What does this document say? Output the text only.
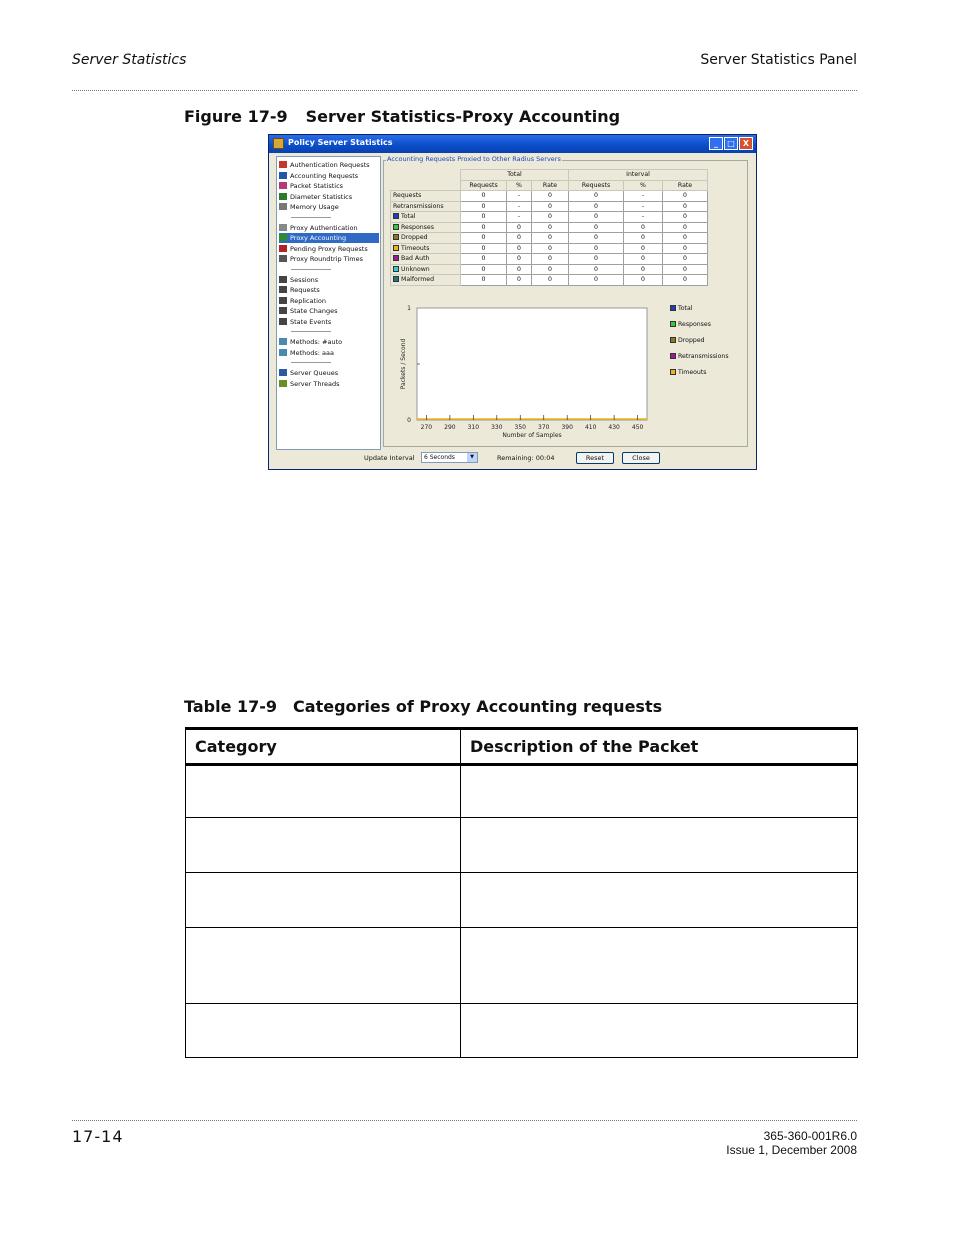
Server Statistics	Server Statistics Panel
Figure 17-9 Server Statistics-Proxy Accounting
Policy Server Statistics	_	□	X
Authentication Requests
Accounting Requests
Packet Statistics
Diameter Statistics
Memory Usage
Proxy Authentication
Proxy Accounting
Pending Proxy Requests
Proxy Roundtrip Times
Sessions
Requests
Replication
State Changes
State Events
Methods: #auto
Methods: aaa
Server Queues
Server Threads
Accounting Requests Proxied to Other Radius Servers
	Total			Interval		
	Requests	%	Rate	Requests	%	Rate
Requests	0	-	0	0	-	0
Retransmissions	0	-	0	0	-	0
Total	0	-	0	0	-	0
Responses	0	0	0	0	0	0
Dropped	0	0	0	0	0	0
Timeouts	0	0	0	0	0	0
Bad Auth	0	0	0	0	0	0
Unknown	0	0	0	0	0	0
Malformed	0	0	0	0	0	0
270 290 310 330 350 370 390 410 430 450
0
1
Number of Samples
Packets / Second
Total
Responses
Dropped
Retransmissions
Timeouts
Update Interval	6 Seconds	▼	Remaining: 00:04	Reset	Close
Table 17-9 Categories of Proxy Accounting requests
Category	Description of the Packet

17-14	365-360-001R6.0
Issue 1, December 2008
